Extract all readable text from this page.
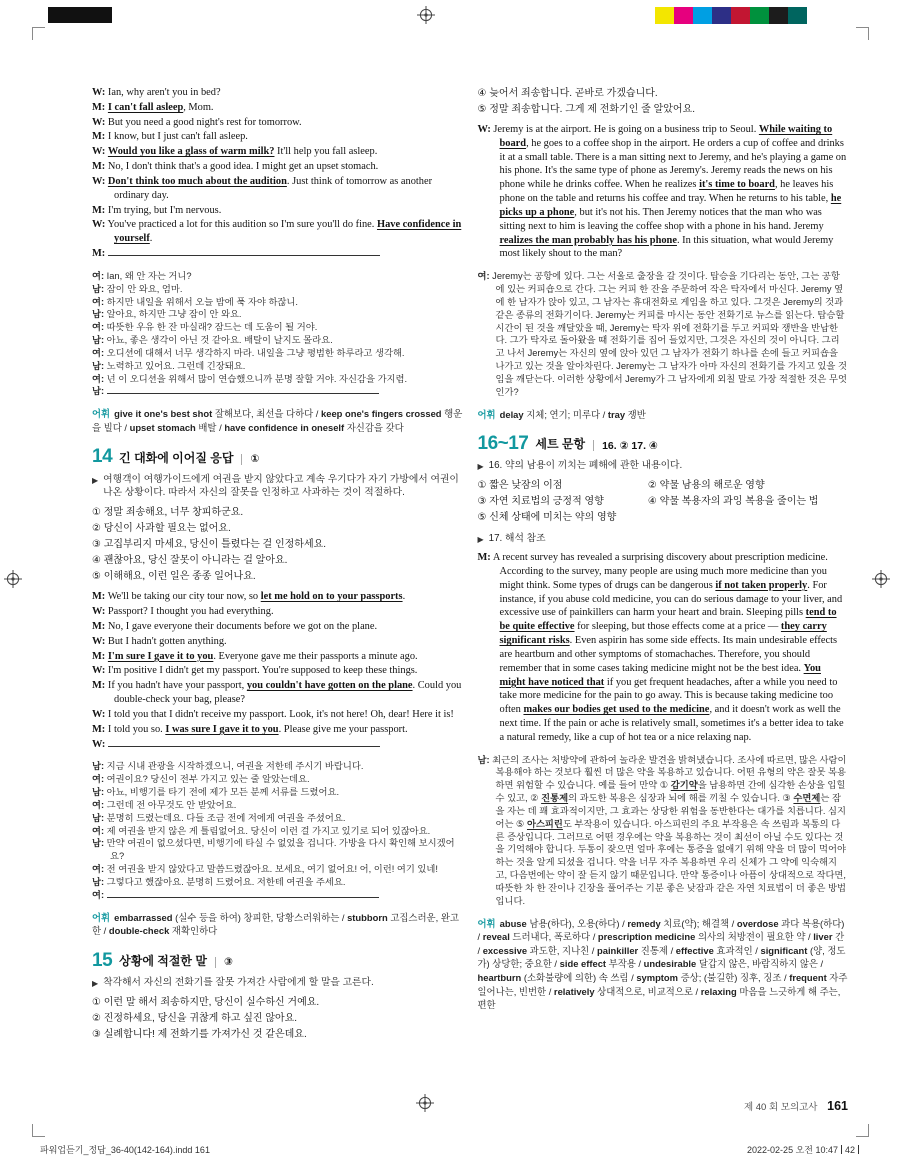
W: Ian, why aren't you in bed?
M: I can't fall asleep, Mom.
W: But you need a good night's rest for tomorrow.
M: I know, but I just can't fall asleep.
W: Would you like a glass of warm milk? It'll help you fall asleep.
M: No, I don't think that's a good idea. I might get an upset stomach.
W: Don't think too much about the audition. Just think of tomorrow as another ordinary day.
M: I'm trying, but I'm nervous.
W: You've practiced a lot for this audition so I'm sure you'll do fine. Have confidence in yourself.
M:
여: Ian, 왜 안 자는 거니?
남: 잠이 안 와요, 엄마.
여: 하지만 내일을 위해서 오늘 밤에 푹 자야 하잖니.
남: 알아요, 하지만 그냥 잠이 안 와요.
여: 따뜻한 우유 한 잔 마실래? 잠드는 데 도움이 될 거야.
남: 아뇨, 좋은 생각이 아닌 것 같아요. 배탈이 날지도 몰라요.
여: 오디션에 대해서 너무 생각하지 마라. 내일을 그냥 평범한 하루라고 생각해.
남: 노력하고 있어요. 그런데 긴장돼요.
여: 넌 이 오디션을 위해서 많이 연습했으니까 분명 잘할 거야. 자신감을 가지렴.
남:
어휘 give it one's best shot 잘해보다, 최선을 다하다 / keep one's fingers crossed 행운을 빌다 / upset stomach 배탈 / have confidence in oneself 자신감을 갖다
14 긴 대화에 이어질 응답 ①
▶ 여행객이 여행가이드에게 여권을 받지 않았다고 계속 우기다가 자기 가방에서 여권이 나온 상황이다. 따라서 자신의 잘못을 인정하고 사과하는 것이 적절하다.
① 정말 죄송해요, 너무 창피하군요.
② 당신이 사과할 필요는 없어요.
③ 고집부리지 마세요, 당신이 틀렸다는 걸 인정하세요.
④ 괜찮아요, 당신 잘못이 아니라는 걸 알아요.
⑤ 이해해요, 이런 일은 종종 일어나요.
M: We'll be taking our city tour now, so let me hold on to your passports.
W: Passport? I thought you had everything.
M: No, I gave everyone their documents before we got on the plane.
W: But I hadn't gotten anything.
M: I'm sure I gave it to you. Everyone gave me their passports a minute ago.
W: I'm positive I didn't get my passport. You're supposed to keep these things.
M: If you hadn't have your passport, you couldn't have gotten on the plane. Could you double-check your bag, please?
W: I told you that I didn't receive my passport. Look, it's not here! Oh, dear! Here it is!
M: I told you so. I was sure I gave it to you. Please give me your passport.
W:
남: 지금 시내 관광을 시작하겠으니, 여권을 저한테 주시기 바랍니다.
여: 여권이요? 당신이 전부 가지고 있는 줄 알았는데요.
남: 아뇨, 비행기를 타기 전에 제가 모든 분께 서류를 드렸어요.
여: 그런데 전 아무것도 안 받았어요.
남: 분명히 드렸는데요. 다들 조금 전에 저에게 여권을 주셨어요.
여: 제 여권을 받지 않은 게 틀림없어요. 당신이 이런 걸 가지고 있기로 되어 있잖아요.
남: 만약 여권이 없으셨다면, 비행기에 타실 수 없었을 겁니다. 가방을 다시 확인해 보시겠어요?
여: 전 여권을 받지 않았다고 말씀드렸잖아요. 보세요, 여기 없어요! 어, 이런! 여기 있네!
남: 그렇다고 했잖아요. 분명히 드렸어요. 저한테 여권을 주세요.
여:
어휘 embarrassed (실수 등을 하여) 창피한, 당황스러워하는 / stubborn 고집스러운, 완고한 / double-check 재확인하다
15 상황에 적절한 말 ③
▶ 착각해서 자신의 전화기를 잘못 가져간 사람에게 할 말을 고른다.
① 이런 말 해서 죄송하지만, 당신이 실수하신 거예요.
② 진정하세요, 당신을 귀찮게 하고 싶진 않아요.
③ 실례합니다! 제 전화기를 가져가신 것 같은데요.
④ 늦어서 죄송합니다. 곧바로 가겠습니다.
⑤ 정말 죄송합니다. 그게 제 전화기인 줄 알았어요.
W: Jeremy is at the airport. He is going on a business trip to Seoul. While waiting to board, he goes to a coffee shop in the airport. He orders a cup of coffee and drinks it at a small table. There is a man sitting next to Jeremy, and he's playing a game on his phone. It's the same type of phone as Jeremy's. Jeremy reads the news on his phone while he drinks coffee. When he realizes it's time to board, he leaves his phone on the table and returns his coffee and tray. When he returns to his table, he picks up a phone, but it's not his. Then Jeremy notices that the man who was sitting next to him is leaving the coffee shop with a phone in his hand. Jeremy realizes the man probably has his phone. In this situation, what would Jeremy most likely shout to the man?
여: Jeremy는 공항에 있다. 그는 서울로 출장을 갈 것이다. 탑승을 기다리는 동안, 그는 공항에 있는 커피숍으로 간다. 그는 커피 한 잔을 주문하여 작은 탁자에서 마신다. Jeremy 옆에 한 남자가 앉아 있고, 그 남자는 휴대전화로 게임을 하고 있다. 그것은 Jeremy의 것과 같은 종류의 전화기이다. Jeremy는 커피를 마시는 동안 전화기로 뉴스를 읽는다. 탑승할 시간이 된 것을 깨달았을 때, Jeremy는 탁자 위에 전화기를 두고 커피와 쟁반을 반납한다. 그가 탁자로 돌아왔을 때 전화기를 집어 들었지만, 그것은 자신의 것이 아니다. 그리고 나서 Jeremy는 자신의 옆에 앉아 있던 그 남자가 전화기 하나를 손에 들고 커피숍을 나가고 있는 것을 알아차린다. Jeremy는 그 남자가 아마 자신의 전화기를 가지고 있을 것임을 깨닫는다. 이러한 상황에서 Jeremy가 그 남자에게 외칠 말로 가장 적절한 것은 무엇인가?
어휘 delay 지체; 연기; 미루다 / tray 쟁반
16~17 세트 문항 16. ② 17. ④
▶ 16. 약의 남용이 끼치는 폐해에 관한 내용이다.
① 짧은 낮잠의 이점	② 약물 남용의 해로운 영향
③ 자연 치료법의 긍정적 영향	④ 약물 복용자의 과잉 복용을 줄이는 법
⑤ 신체 상태에 미치는 약의 영향
▶ 17. 해석 참조
M: A recent survey has revealed a surprising discovery about prescription medicine. According to the survey, many people are using much more medicine than you might think. Some types of drugs can be dangerous if not taken properly. For instance, if you abuse cold medicine, you can do serious damage to your liver, and excessive use of painkillers can harm your heart and brain. Sleeping pills tend to be quite effective for sleeping, but those effects come at a price — they carry significant risks. Even aspirin has some side effects. Its main undesirable effects are heartburn and other symptoms of stomachaches. Therefore, you should remember that in some cases taking medicine might not be the best idea. You might have noticed that if you get frequent headaches, after a while you need to take more medicine for the pain to go away. This is because taking medicine too often makes our bodies get used to the medicine, and it doesn't work as well the next time. If the pain or ache is relatively small, sometimes it's a better idea to take a natural remedy, like a cup of hot tea or a nice relaxing nap.
남: 최근의 조사는 처방약에 관하여 놀라운 발견을 밝혀냈습니다. 조사에 따르면, 많은 사람이 복용해야 하는 것보다 훨씬 더 많은 약을 복용하고 있습니다. 어떤 유형의 약은 잘못 복용하면 위험할 수 있습니다. 예를 들어 만약 ① 감기약을 남용하면 간에 심각한 손상을 입힐 수 있고, ② 진통제의 과도한 복용은 심장과 뇌에 해를 끼칠 수 있습니다. ③ 수면제는 잠을 자는 데 꽤 효과적이지만, 그 효과는 상당한 위험을 동반한다는 대가를 치릅니다. 심지어는 ⑤ 아스피린도 부작용이 있습니다. 아스피린의 주요 부작용은 속 쓰림과 복통의 다른 증상입니다. 그러므로 어떤 경우에는 약을 복용하는 것이 최선이 아닐 수도 있다는 것을 기억해야 합니다. 두통이 잦으면 얼마 후에는 통증을 없애기 위해 약을 더 많이 먹어야 하는 것을 알게 되셨을 겁니다. 약을 너무 자주 복용하면 우리 신체가 그 약에 익숙해지고, 다음번에는 약이 잘 듣지 않기 때문입니다. 만약 통증이나 아픔이 상대적으로 작다면, 따뜻한 차 한 잔이나 긴장을 풀어주는 기분 좋은 낮잠과 같은 자연 치료법이 더 좋은 방법입니다.
어휘 abuse 남용(하다), 오용(하다) / remedy 치료(약); 해결책 / overdose 과다 복용(하다) / reveal 드러내다, 폭로하다 / prescription medicine 의사의 처방전이 필요한 약 / liver 간 / excessive 과도한, 지나친 / painkiller 진통제 / effective 효과적인 / significant (양, 정도가) 상당한; 중요한 / side effect 부작용 / undesirable 달갑지 않은, 바람직하지 않은 / heartburn (소화불량에 의한) 속 쓰림 / symptom 증상; (불길한) 징후, 징조 / frequent 자주 일어나는, 빈번한 / relatively 상대적으로, 비교적으로 / relaxing 마음을 느긋하게 해 주는, 편한
제 40 회 모의고사 161
파워업듣기_정답_36-40(142-164).indd 161	2022-02-25 오전 10:47 42
